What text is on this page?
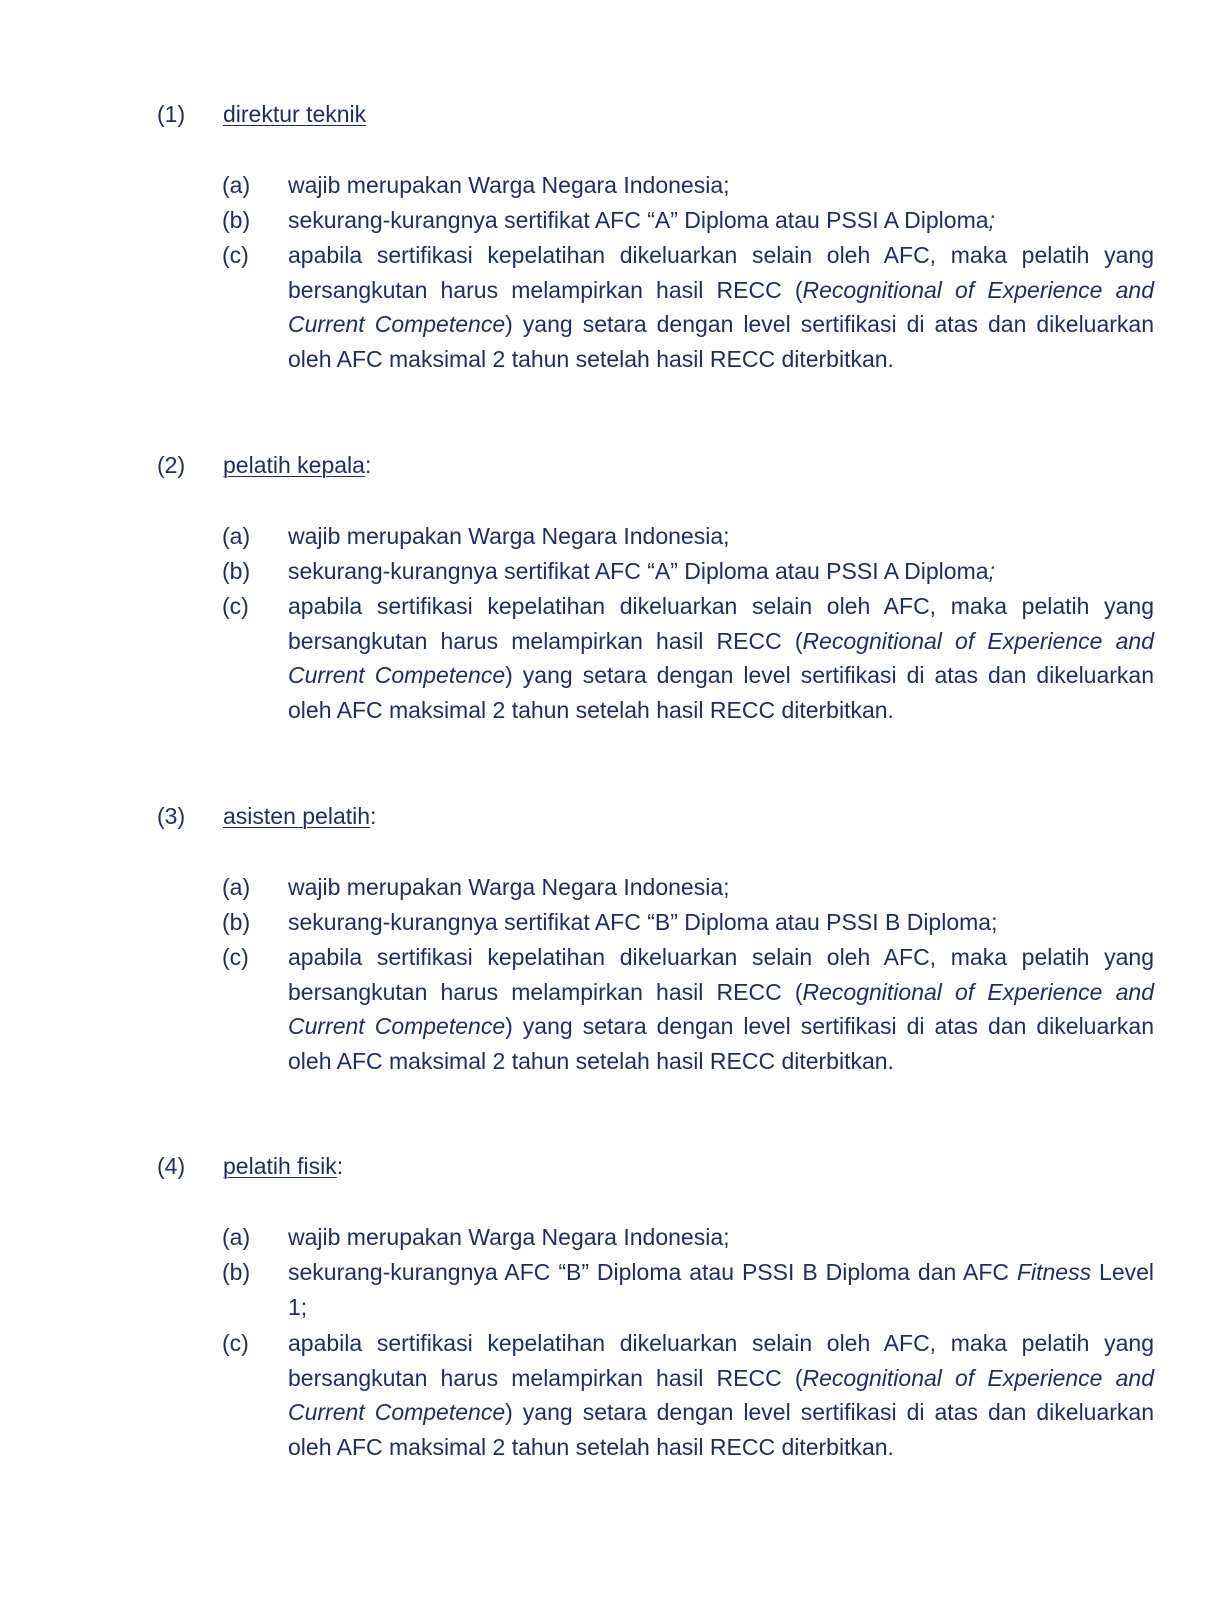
(1) direktur teknik
(a) wajib merupakan Warga Negara Indonesia;
(b) sekurang-kurangnya sertifikat AFC “A” Diploma atau PSSI A Diploma;
(c) apabila sertifikasi kepelatihan dikeluarkan selain oleh AFC, maka pelatih yang bersangkutan harus melampirkan hasil RECC (Recognitional of Experience and Current Competence) yang setara dengan level sertifikasi di atas dan dikeluarkan oleh AFC maksimal 2 tahun setelah hasil RECC diterbitkan.
(2) pelatih kepala:
(a) wajib merupakan Warga Negara Indonesia;
(b) sekurang-kurangnya sertifikat AFC “A” Diploma atau PSSI A Diploma;
(c) apabila sertifikasi kepelatihan dikeluarkan selain oleh AFC, maka pelatih yang bersangkutan harus melampirkan hasil RECC (Recognitional of Experience and Current Competence) yang setara dengan level sertifikasi di atas dan dikeluarkan oleh AFC maksimal 2 tahun setelah hasil RECC diterbitkan.
(3) asisten pelatih:
(a) wajib merupakan Warga Negara Indonesia;
(b) sekurang-kurangnya sertifikat AFC “B” Diploma atau PSSI B Diploma;
(c) apabila sertifikasi kepelatihan dikeluarkan selain oleh AFC, maka pelatih yang bersangkutan harus melampirkan hasil RECC (Recognitional of Experience and Current Competence) yang setara dengan level sertifikasi di atas dan dikeluarkan oleh AFC maksimal 2 tahun setelah hasil RECC diterbitkan.
(4) pelatih fisik:
(a) wajib merupakan Warga Negara Indonesia;
(b) sekurang-kurangnya AFC “B” Diploma atau PSSI B Diploma dan AFC Fitness Level 1;
(c) apabila sertifikasi kepelatihan dikeluarkan selain oleh AFC, maka pelatih yang bersangkutan harus melampirkan hasil RECC (Recognitional of Experience and Current Competence) yang setara dengan level sertifikasi di atas dan dikeluarkan oleh AFC maksimal 2 tahun setelah hasil RECC diterbitkan.
